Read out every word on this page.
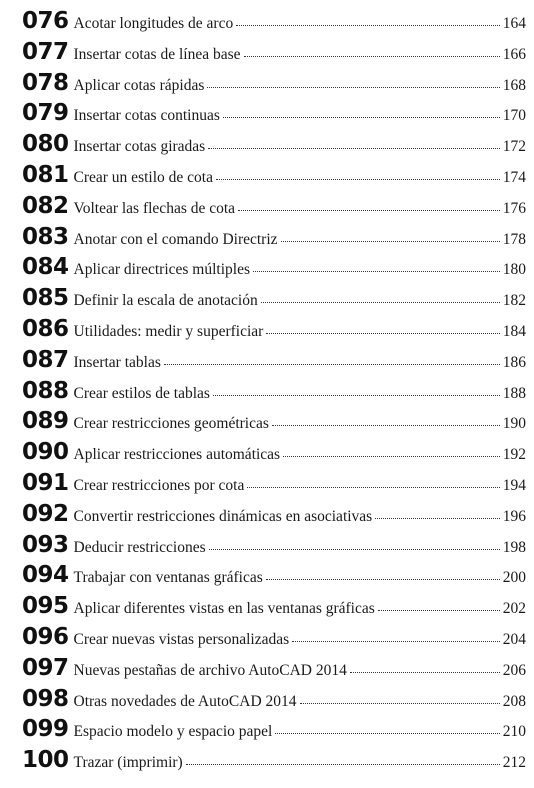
076 Acotar longitudes de arco	164
077 Insertar cotas de línea base	166
078 Aplicar cotas rápidas	168
079 Insertar cotas continuas	170
080 Insertar cotas giradas	172
081 Crear un estilo de cota	174
082 Voltear las flechas de cota	176
083 Anotar con el comando Directriz	178
084 Aplicar directrices múltiples	180
085 Definir la escala de anotación	182
086 Utilidades: medir y superficiar	184
087 Insertar tablas	186
088 Crear estilos de tablas	188
089 Crear restricciones geométricas	190
090 Aplicar restricciones automáticas	192
091 Crear restricciones por cota	194
092 Convertir restricciones dinámicas en asociativas	196
093 Deducir restricciones	198
094 Trabajar con ventanas gráficas	200
095 Aplicar diferentes vistas en las ventanas gráficas	202
096 Crear nuevas vistas personalizadas	204
097 Nuevas pestañas de archivo AutoCAD 2014	206
098 Otras novedades de AutoCAD 2014	208
099 Espacio modelo y espacio papel	210
100 Trazar (imprimir)	212
